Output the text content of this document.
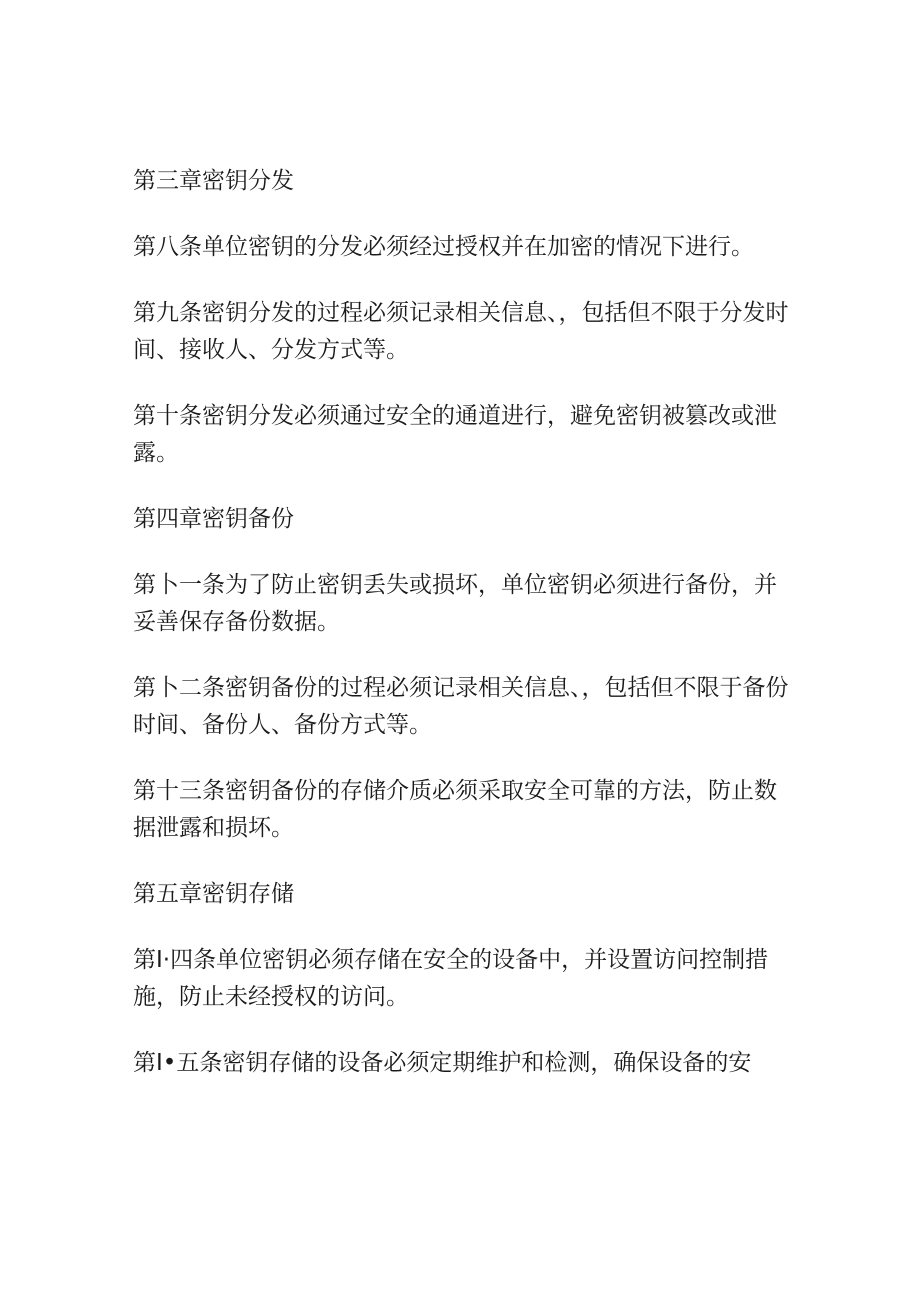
第三章密钥分发

第八条单位密钥的分发必须经过授权并在加密的情况下进行。

第九条密钥分发的过程必须记录相关信息、，包括但不限于分发时间、接收人、分发方式等。

第十条密钥分发必须通过安全的通道进行，避免密钥被篡改或泄露。

第四章密钥备份

第卜一条为了防止密钥丢失或损坏，单位密钥必须进行备份，并妥善保存备份数据。

第卜二条密钥备份的过程必须记录相关信息、，包括但不限于备份时间、备份人、备份方式等。

第十三条密钥备份的存储介质必须采取安全可靠的方法，防止数据泄露和损坏。

第五章密钥存储

第I·四条单位密钥必须存储在安全的设备中，并设置访问控制措施，防止未经授权的访问。

第I•五条密钥存储的设备必须定期维护和检测，确保设备的安
